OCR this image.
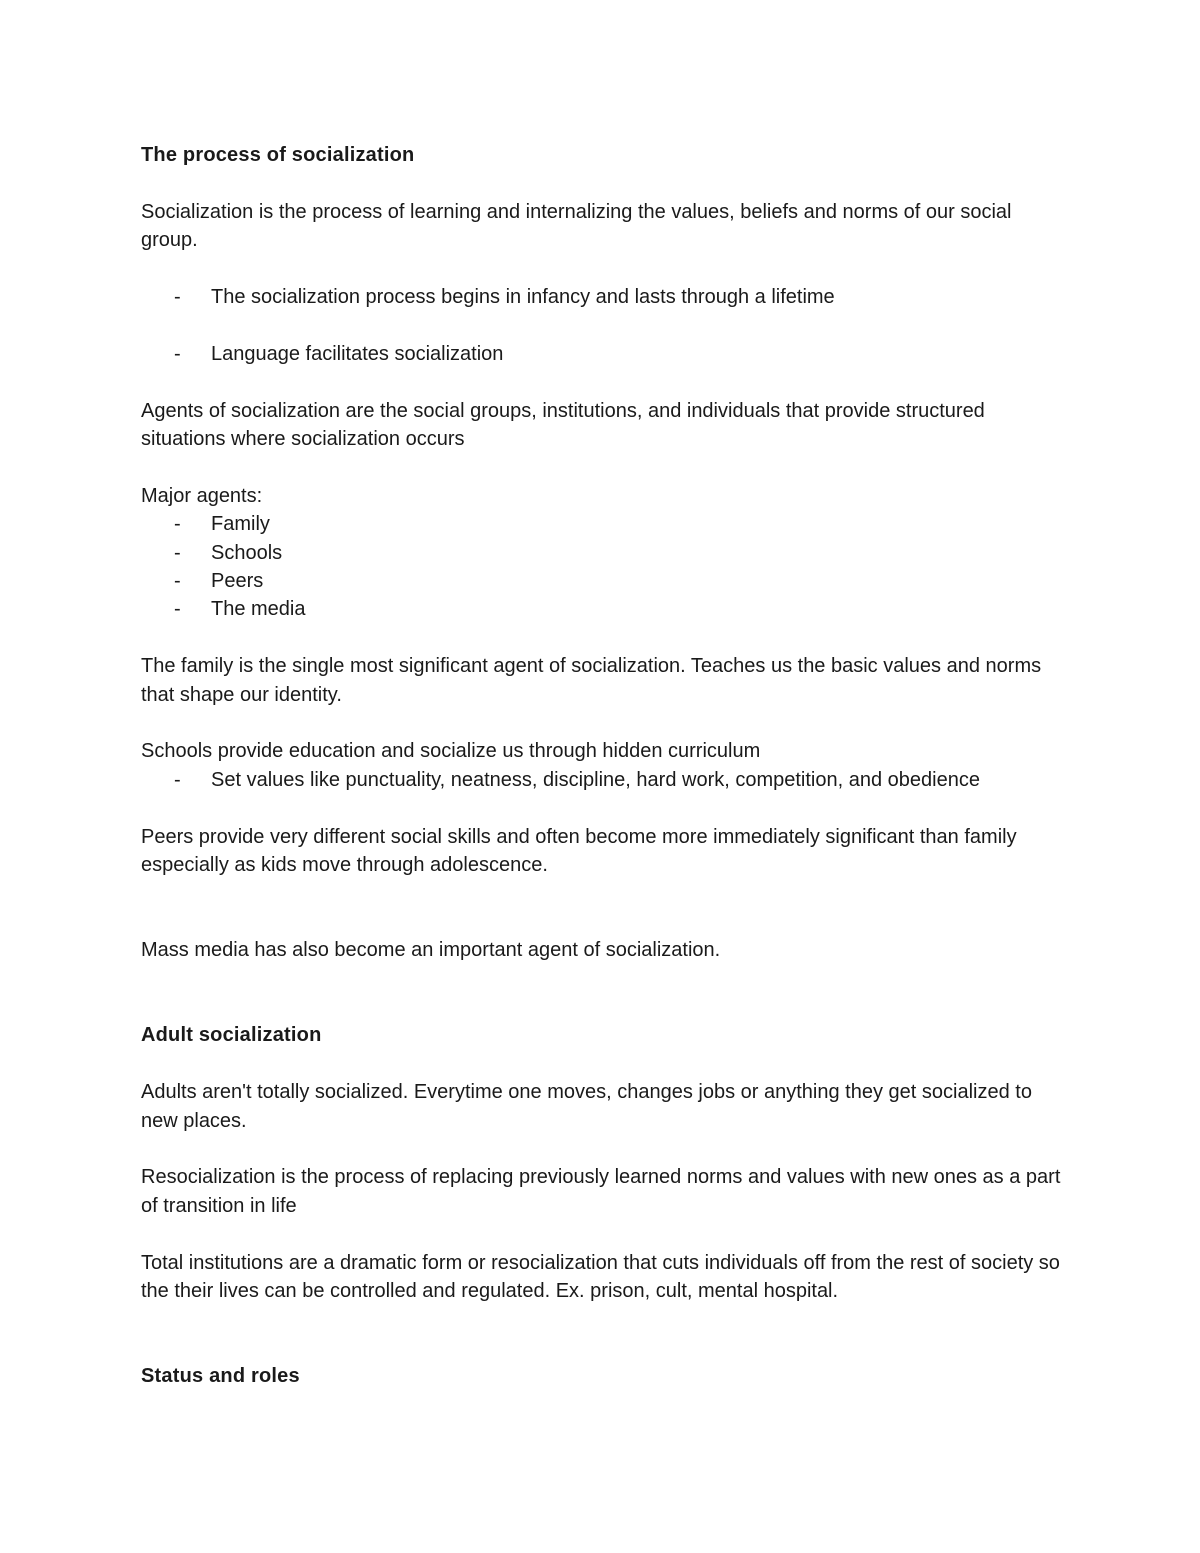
The process of socialization

Socialization is the process of learning and internalizing the values, beliefs and norms of our social group.

- The socialization process begins in infancy and lasts through a lifetime
- Language facilitates socialization

Agents of socialization are the social groups, institutions, and individuals that provide structured situations where socialization occurs

Major agents:

- Family
- Schools
- Peers
- The media

The family is the single most significant agent of socialization. Teaches us the basic values and norms that shape our identity.

Schools provide education and socialize us through hidden curriculum

- Set values like punctuality, neatness, discipline, hard work, competition, and obedience

Peers provide very different social skills and often become more immediately significant than family especially as kids move through adolescence.

Mass media has also become an important agent of socialization.

Adult socialization

Adults aren't totally socialized. Everytime one moves, changes jobs or anything they get socialized to new places.

Resocialization is the process of replacing previously learned norms and values with new ones as a part of transition in life

Total institutions are a dramatic form or resocialization that cuts individuals off from the rest of society so the their lives can be controlled and regulated. Ex. prison, cult, mental hospital.

Status and roles
